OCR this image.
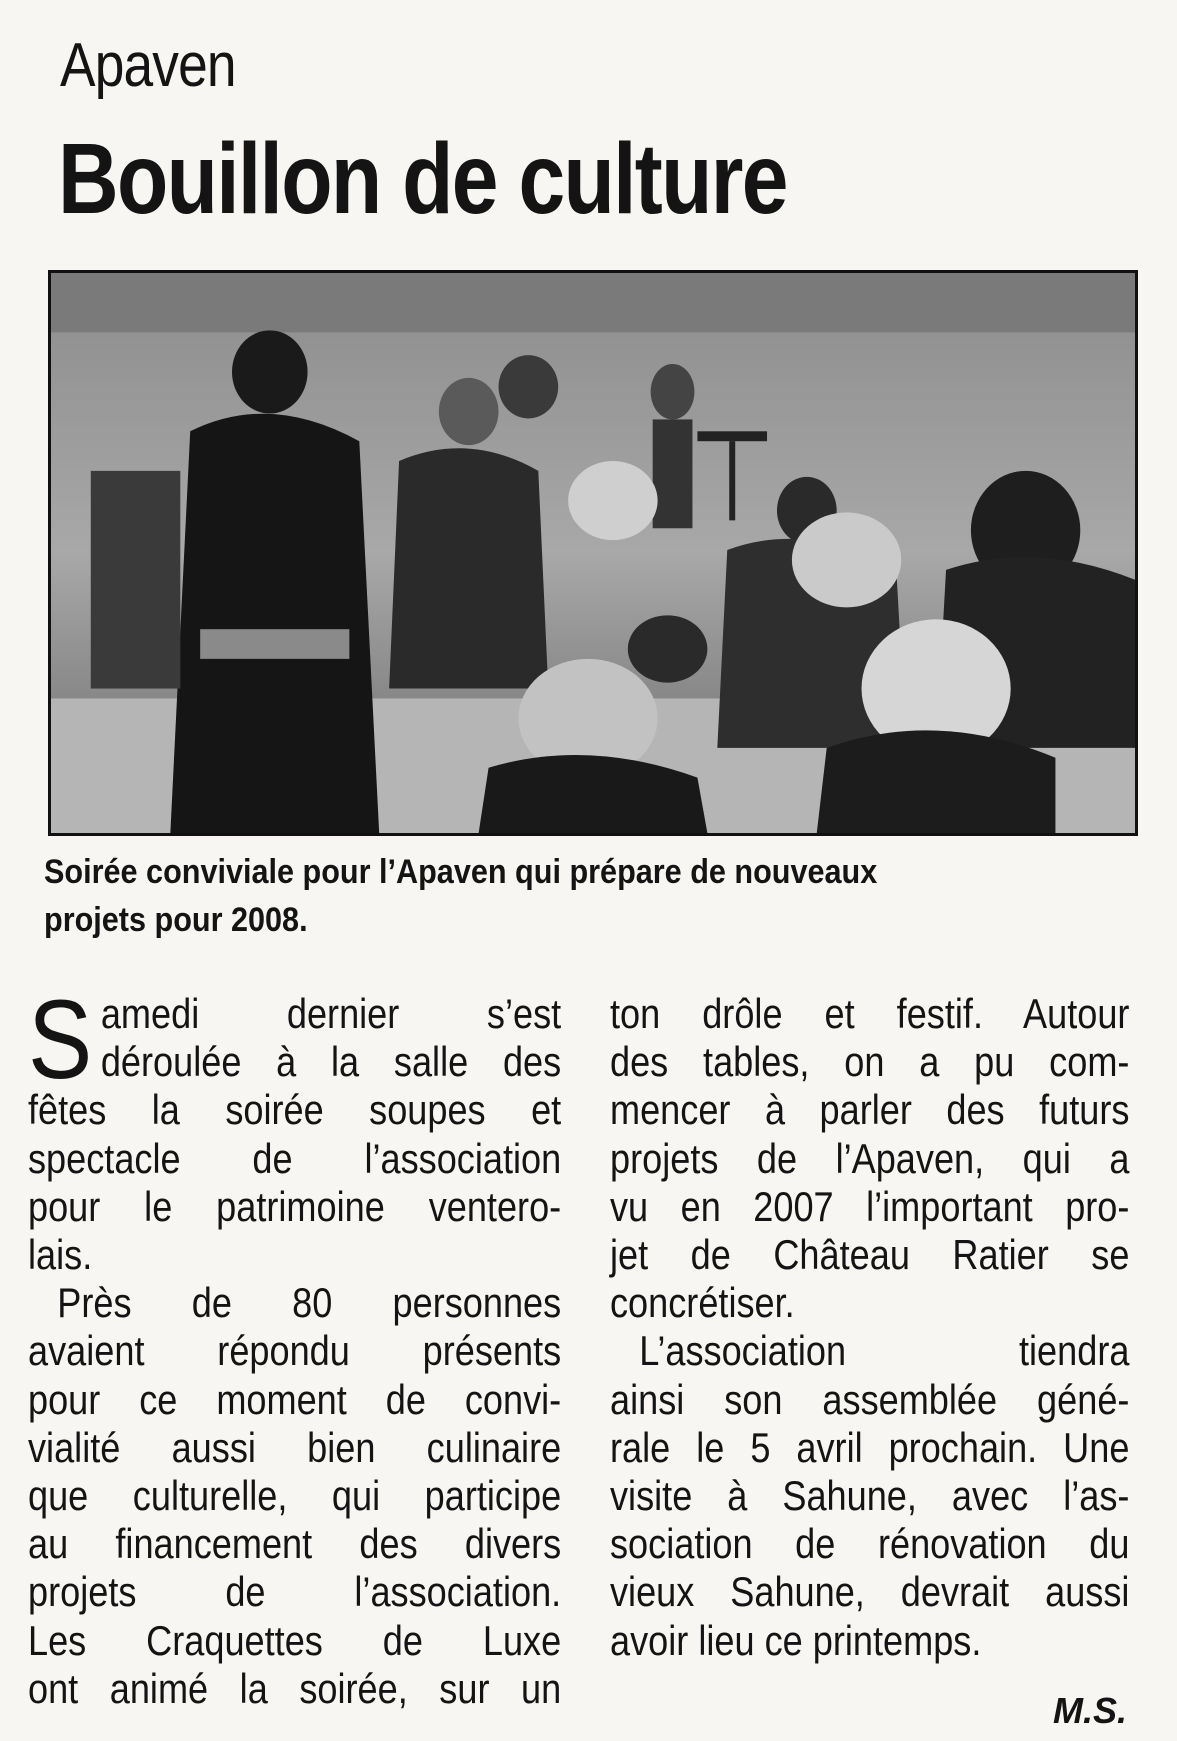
Apaven
Bouillon de culture
Soirée conviviale pour l’Apaven qui prépare de nouveaux
projets pour 2008.
S amedi dernier s’est
déroulée à la salle des
fêtes la soirée soupes et
spectacle de l’association
pour le patrimoine ventero-
lais.
Près de 80 personnes
avaient répondu présents
pour ce moment de convi-
vialité aussi bien culinaire
que culturelle, qui participe
au financement des divers
projets de l’association.
Les Craquettes de Luxe
ont animé la soirée, sur un
ton drôle et festif. Autour
des tables, on a pu com-
mencer à parler des futurs
projets de l’Apaven, qui a
vu en 2007 l’important pro-
jet de Château Ratier se
concrétiser.
L’association tiendra
ainsi son assemblée géné-
rale le 5 avril prochain. Une
visite à Sahune, avec l’as-
sociation de rénovation du
vieux Sahune, devrait aussi
avoir lieu ce printemps.
M.S.
